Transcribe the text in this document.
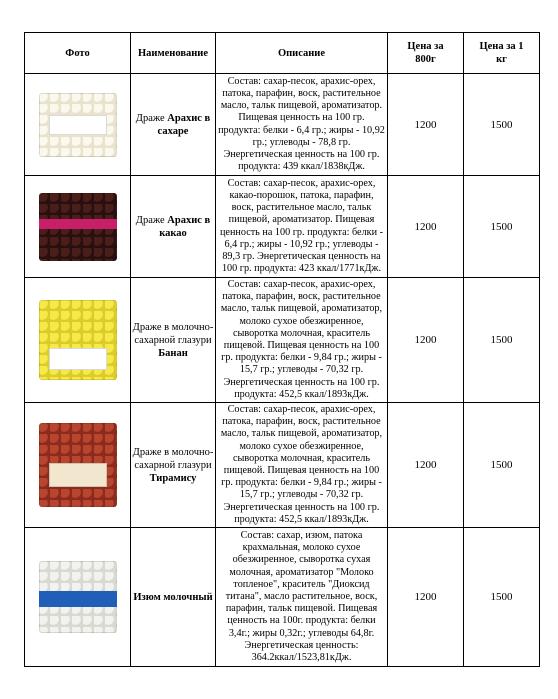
Фото	Наименование	Описание	Цена за 800г	Цена за 1 кг

	Драже Арахис в сахаре	Состав: сахар-песок, арахис-орех, патока, парафин, воск, растительное масло, тальк пищевой, ароматизатор. Пищевая ценность на 100 гр. продукта: белки - 6,4 гр.; жиры - 10,92 гр.; углеводы - 78,8 гр. Энергетическая ценность на 100 гр. продукта: 439 ккал/1838кДж.	1200	1500

	Драже Арахис в какао	Состав: сахар-песок, арахис-орех, какао-порошок, патока, парафин, воск, растительное масло, тальк пищевой, ароматизатор. Пищевая ценность на 100 гр. продукта: белки - 6,4 гр.; жиры - 10,92 гр.; углеводы - 89,3 гр. Энергетическая ценность на 100 гр. продукта: 423 ккал/1771кДж.	1200	1500

	Драже в молочно-сахарной глазури Банан	Состав: сахар-песок, арахис-орех, патока, парафин, воск, растительное масло, тальк пищевой, ароматизатор, молоко сухое обезжиренное, сыворотка молочная, краситель пищевой. Пищевая ценность на 100 гр. продукта: белки - 9,84 гр.; жиры - 15,7 гр.; углеводы - 70,32 гр. Энергетическая ценность на 100 гр. продукта: 452,5 ккал/1893кДж.	1200	1500

	Драже в молочно-сахарной глазури Тирамису	Состав: сахар-песок, арахис-орех, патока, парафин, воск, растительное масло, тальк пищевой, ароматизатор, молоко сухое обезжиренное, сыворотка молочная, краситель пищевой. Пищевая ценность на 100 гр. продукта: белки - 9,84 гр.; жиры - 15,7 гр.; углеводы - 70,32 гр. Энергетическая ценность на 100 гр. продукта: 452,5 ккал/1893кДж.	1200	1500

	Изюм молочный	Состав: сахар, изюм, патока крахмальная, молоко сухое обезжиренное, сыворотка сухая молочная, ароматизатор "Молоко топленое", краситель "Диоксид титана", масло растительное, воск, парафин, тальк пищевой. Пищевая ценность на 100г. продукта: белки 3,4г.; жиры 0,32г.; углеводы 64,8г. Энергетическая ценность: 364.2ккал/1523,81кДж.	1200	1500
